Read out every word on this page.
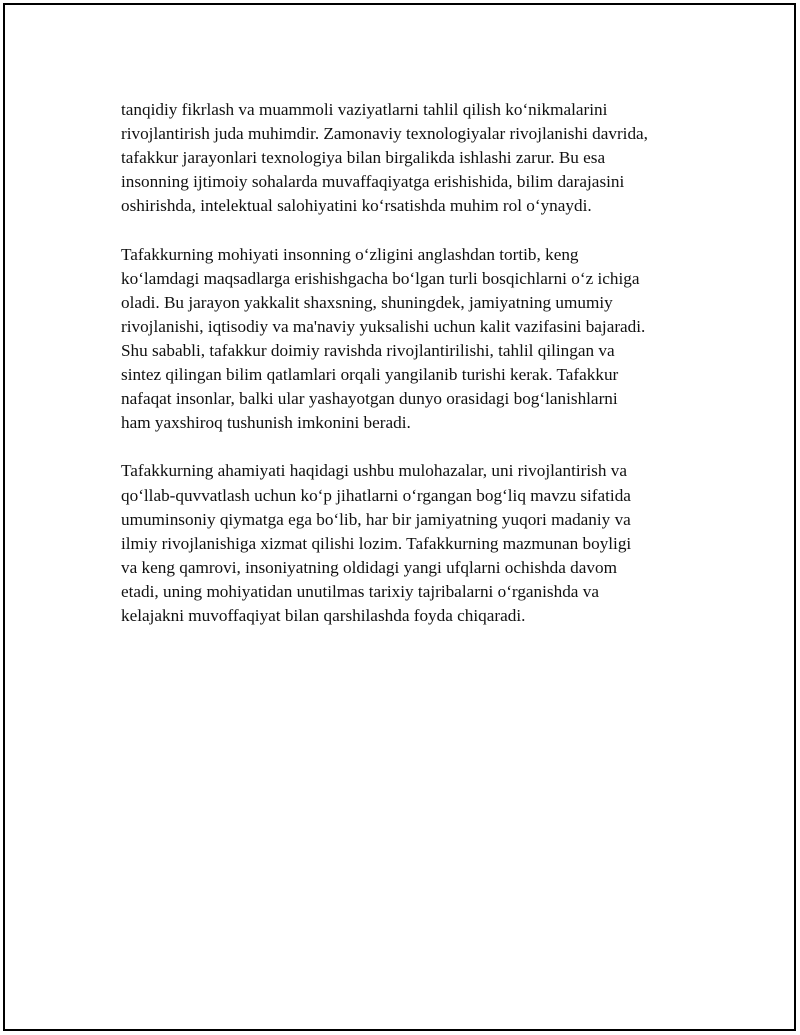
tanqidiy fikrlash va muammoli vaziyatlarni tahlil qilish ko‘nikmalarini
rivojlantirish juda muhimdir. Zamonaviy texnologiyalar rivojlanishi davrida,
tafakkur jarayonlari texnologiya bilan birgalikda ishlashi zarur. Bu esa
insonning ijtimoiy sohalarda muvaffaqiyatga erishishida, bilim darajasini
oshirishda, intelektual salohiyatini ko‘rsatishda muhim rol o‘ynaydi.

Tafakkurning mohiyati insonning o‘zligini anglashdan tortib, keng
ko‘lamdagi maqsadlarga erishishgacha bo‘lgan turli bosqichlarni o‘z ichiga
oladi. Bu jarayon yakkalit shaxsning, shuningdek, jamiyatning umumiy
rivojlanishi, iqtisodiy va ma'naviy yuksalishi uchun kalit vazifasini bajaradi.
Shu sababli, tafakkur doimiy ravishda rivojlantirilishi, tahlil qilingan va
sintez qilingan bilim qatlamlari orqali yangilanib turishi kerak. Tafakkur
nafaqat insonlar, balki ular yashayotgan dunyo orasidagi bog‘lanishlarni
ham yaxshiroq tushunish imkonini beradi.

Tafakkurning ahamiyati haqidagi ushbu mulohazalar, uni rivojlantirish va
qo‘llab-quvvatlash uchun ko‘p jihatlarni o‘rgangan bog‘liq mavzu sifatida
umuminsoniy qiymatga ega bo‘lib, har bir jamiyatning yuqori madaniy va
ilmiy rivojlanishiga xizmat qilishi lozim. Tafakkurning mazmunan boyligi
va keng qamrovi, insoniyatning oldidagi yangi ufqlarni ochishda davom
etadi, uning mohiyatidan unutilmas tarixiy tajribalarni o‘rganishda va
kelajakni muvoffaqiyat bilan qarshilashda foyda chiqaradi.
